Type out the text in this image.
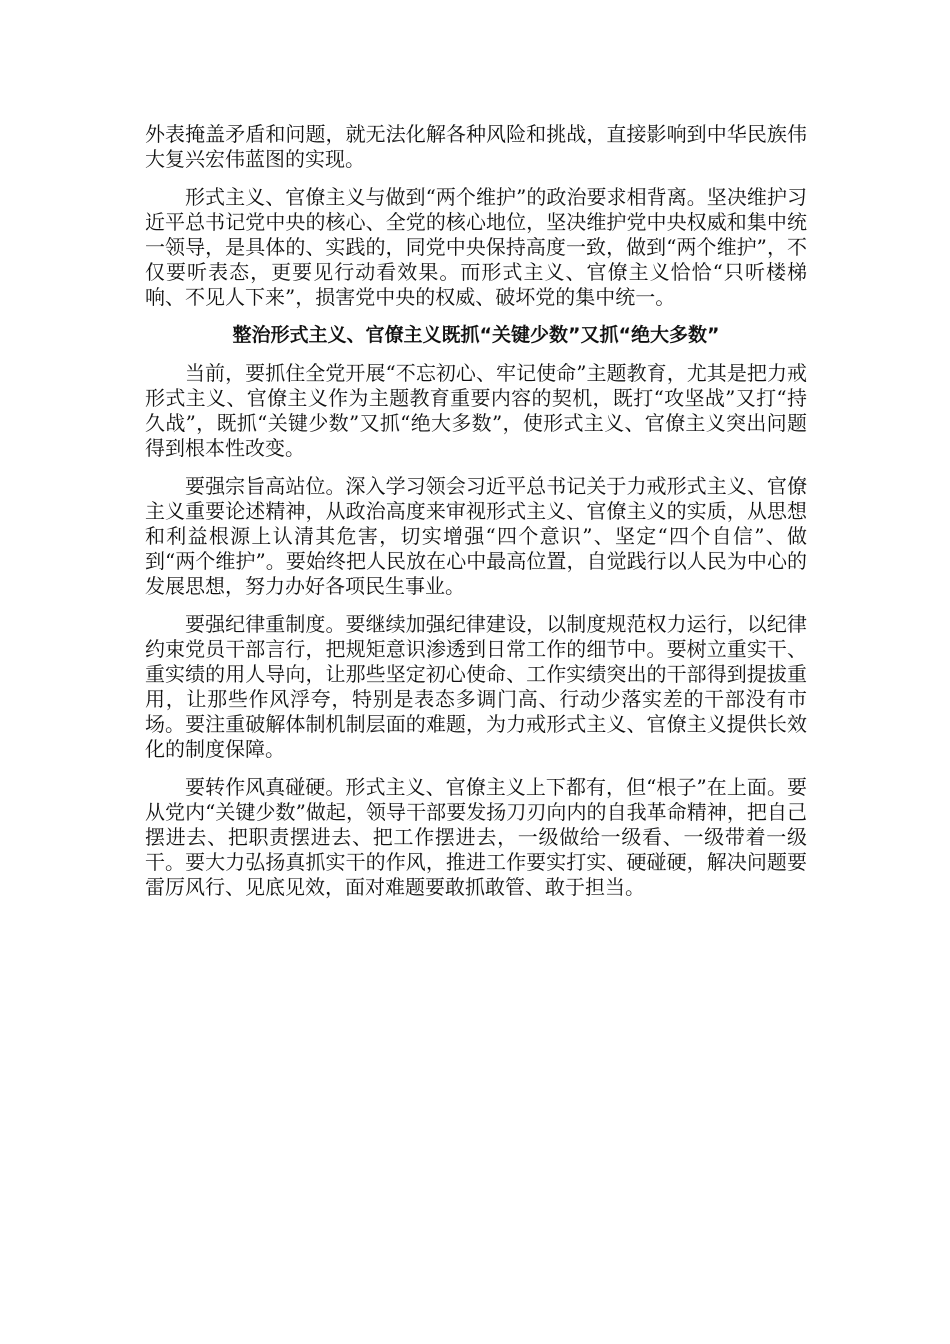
外表掩盖矛盾和问题，就无法化解各种风险和挑战，直接影响到中华民族伟大复兴宏伟蓝图的实现。

形式主义、官僚主义与做到“两个维护”的政治要求相背离。坚决维护习近平总书记党中央的核心、全党的核心地位，坚决维护党中央权威和集中统一领导，是具体的、实践的，同党中央保持高度一致，做到“两个维护”，不仅要听表态，更要见行动看效果。而形式主义、官僚主义恰恰“只听楼梯响、不见人下来”，损害党中央的权威、破坏党的集中统一。

整治形式主义、官僚主义既抓“关键少数”又抓“绝大多数”

当前，要抓住全党开展“不忘初心、牢记使命”主题教育，尤其是把力戒形式主义、官僚主义作为主题教育重要内容的契机，既打“攻坚战”又打“持久战”，既抓“关键少数”又抓“绝大多数”，使形式主义、官僚主义突出问题得到根本性改变。

要强宗旨高站位。深入学习领会习近平总书记关于力戒形式主义、官僚主义重要论述精神，从政治高度来审视形式主义、官僚主义的实质，从思想和利益根源上认清其危害，切实增强“四个意识”、坚定“四个自信”、做到“两个维护”。要始终把人民放在心中最高位置，自觉践行以人民为中心的发展思想，努力办好各项民生事业。

要强纪律重制度。要继续加强纪律建设，以制度规范权力运行，以纪律约束党员干部言行，把规矩意识渗透到日常工作的细节中。要树立重实干、重实绩的用人导向，让那些坚定初心使命、工作实绩突出的干部得到提拔重用，让那些作风浮夸，特别是表态多调门高、行动少落实差的干部没有市场。要注重破解体制机制层面的难题，为力戒形式主义、官僚主义提供长效化的制度保障。

要转作风真碰硬。形式主义、官僚主义上下都有，但“根子”在上面。要从党内“关键少数”做起，领导干部要发扬刀刃向内的自我革命精神，把自己摆进去、把职责摆进去、把工作摆进去，一级做给一级看、一级带着一级干。要大力弘扬真抓实干的作风，推进工作要实打实、硬碰硬，解决问题要雷厉风行、见底见效，面对难题要敢抓敢管、敢于担当。
